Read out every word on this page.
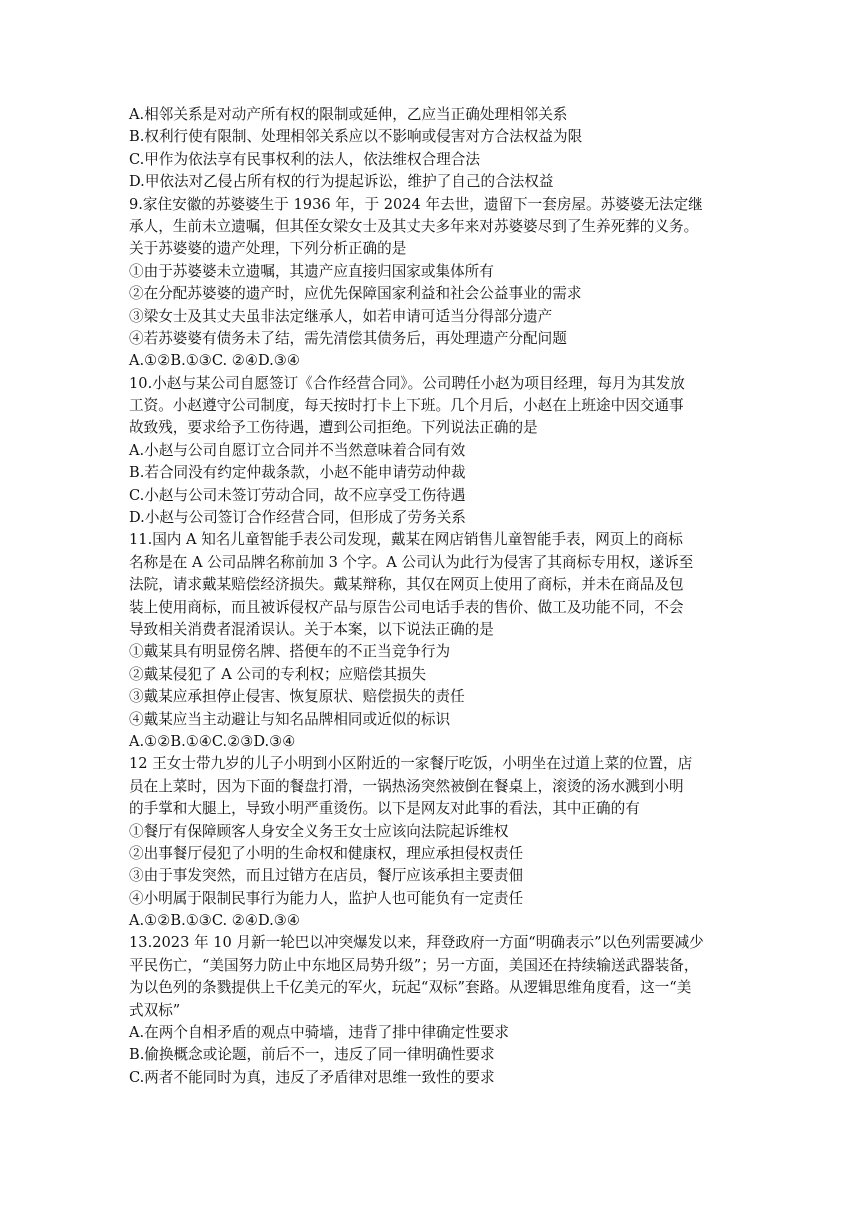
A.相邻关系是对动产所有权的限制或延伸，乙应当正确处理相邻关系
B.权利行使有限制、处理相邻关系应以不影响或侵害对方合法权益为限
C.甲作为依法享有民事权利的法人，依法维权合理合法
D.甲依法对乙侵占所有权的行为提起诉讼，维护了自己的合法权益
9.家住安徽的苏婆婆生于 1936 年，于 2024 年去世，遗留下一套房屋。苏婆婆无法定继
承人，生前未立遗嘱，但其侄女梁女士及其丈夫多年来对苏婆婆尽到了生养死葬的义务。
关于苏婆婆的遗产处理，下列分析正确的是
①由于苏婆婆未立遗嘱，其遗产应直接归国家或集体所有
②在分配苏婆婆的遗产时，应优先保障国家利益和社会公益事业的需求
③梁女士及其丈夫虽非法定继承人，如若申请可适当分得部分遗产
④若苏婆婆有债务未了结，需先清偿其债务后，再处理遗产分配问题
A.①②B.①③C. ②④D.③④
10.小赵与某公司自愿签订《合作经营合同》。公司聘任小赵为项目经理，每月为其发放
工资。小赵遵守公司制度，每天按时打卡上下班。几个月后，小赵在上班途中因交通事
故致残，要求给予工伤待遇，遭到公司拒绝。下列说法正确的是
A.小赵与公司自愿订立合同并不当然意味着合同有效
B.若合同没有约定仲裁条款，小赵不能申请劳动仲裁
C.小赵与公司未签订劳动合同，故不应享受工伤待遇
D.小赵与公司签订合作经营合同，但形成了劳务关系
11.国内 A 知名儿童智能手表公司发现，戴某在网店销售儿童智能手表，网页上的商标
名称是在 A 公司品牌名称前加 3 个字。A 公司认为此行为侵害了其商标专用权，遂诉至
法院，请求戴某赔偿经济损失。戴某辩称，其仅在网页上使用了商标，并未在商品及包
装上使用商标，而且被诉侵权产品与原告公司电话手表的售价、做工及功能不同，不会
导致相关消费者混淆误认。关于本案，以下说法正确的是
①戴某具有明显傍名牌、搭便车的不正当竞争行为
②戴某侵犯了 A 公司的专利权；应赔偿其损失
③戴某应承担停止侵害、恢复原状、赔偿损失的责任
④戴某应当主动避让与知名品牌相同或近似的标识
A.①②B.①④C.②③D.③④
12 王女士带九岁的儿子小明到小区附近的一家餐厅吃饭，小明坐在过道上菜的位置，店
员在上菜时，因为下面的餐盘打滑，一锅热汤突然被倒在餐桌上，滚烫的汤水溅到小明
的手掌和大腿上，导致小明严重烫伤。以下是网友对此事的看法，其中正确的有
①餐厅有保障顾客人身安全义务王女士应该向法院起诉维权
②出事餐厅侵犯了小明的生命权和健康权，理应承担侵权责任
③由于事发突然，而且过错方在店员，餐厅应该承担主要责佃
④小明属于限制民事行为能力人，监护人也可能负有一定责任
A.①②B.①③C. ②④D.③④
13.2023 年 10 月新一轮巴以冲突爆发以来，拜登政府一方面“明确表示”以色列需要减少
平民伤亡，“美国努力防止中东地区局势升级”；另一方面，美国还在持续输送武器装备，
为以色列的条戮提供上千亿美元的军火，玩起“双标”套路。从逻辑思维角度看，这一“美
式双标”
A.在两个自相矛盾的观点中骑墙，违背了排中律确定性要求
B.偷换概念或论题，前后不一，违反了同一律明确性要求
C.两者不能同时为真，违反了矛盾律对思维一致性的要求
